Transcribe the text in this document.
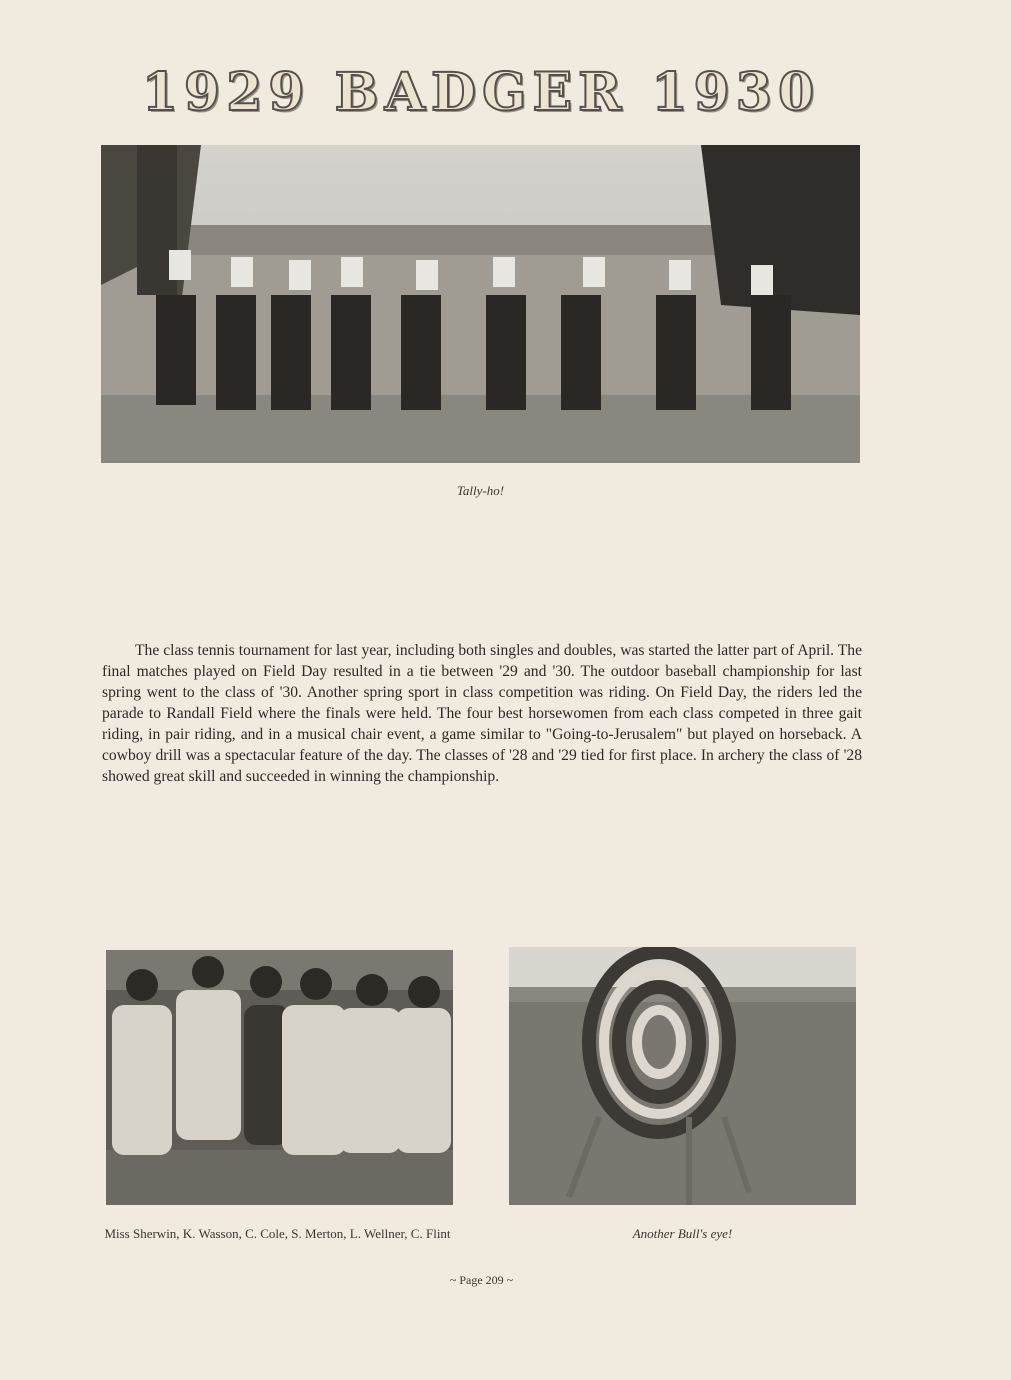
1929 BADGER 1930
Tally-ho!

The class tennis tournament for last year, including both singles and doubles, was started the latter part of April. The final matches played on Field Day resulted in a tie between '29 and '30. The outdoor baseball championship for last spring went to the class of '30. Another spring sport in class competition was riding. On Field Day, the riders led the parade to Randall Field where the finals were held. The four best horsewomen from each class competed in three gait riding, in pair riding, and in a musical chair event, a game similar to "Going-to-Jerusalem" but played on horseback. A cowboy drill was a spectacular feature of the day. The classes of '28 and '29 tied for first place. In archery the class of '28 showed great skill and succeeded in winning the championship.

Miss Sherwin, K. Wasson, C. Cole, S. Merton, L. Wellner, C. Flint	Another Bull's eye!
~ Page 209 ~
